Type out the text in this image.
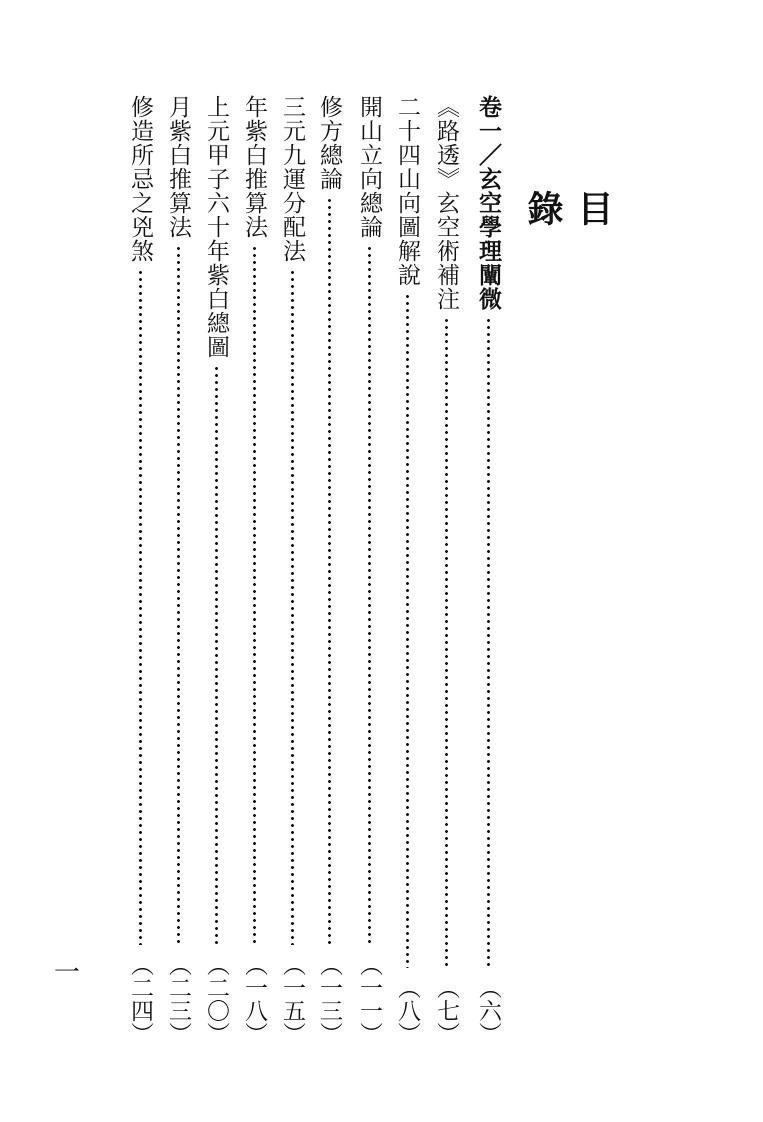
目 錄
卷一／玄空學理闡微
（六）
《路透》玄空術補注
（七）
二十四山向圖解說
（八）
開山立向總論
（一一）
修方總論
（一三）
三元九運分配法
（一五）
年紫白推算法
（一八）
上元甲子六十年紫白總圖
（二〇）
月紫白推算法
（二三）
修造所忌之兇煞
（二四）
一
